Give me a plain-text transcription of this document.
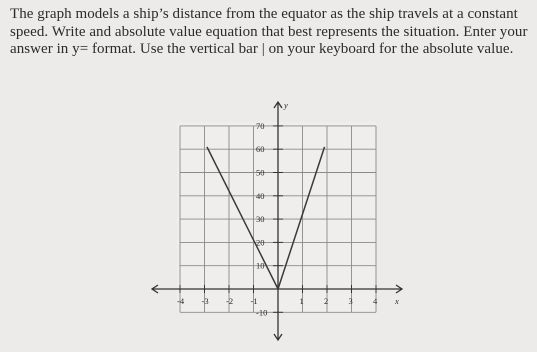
The graph models a ship’s distance from the equator as the ship travels at a constant speed. Write and absolute value equation that best represents the situation. Enter your answer in y= format. Use the vertical bar | on your keyboard for the absolute value.
-4 -3 -2 -1	1 2 3 4
-10
10
20
30
40
50
60
70
x
y
